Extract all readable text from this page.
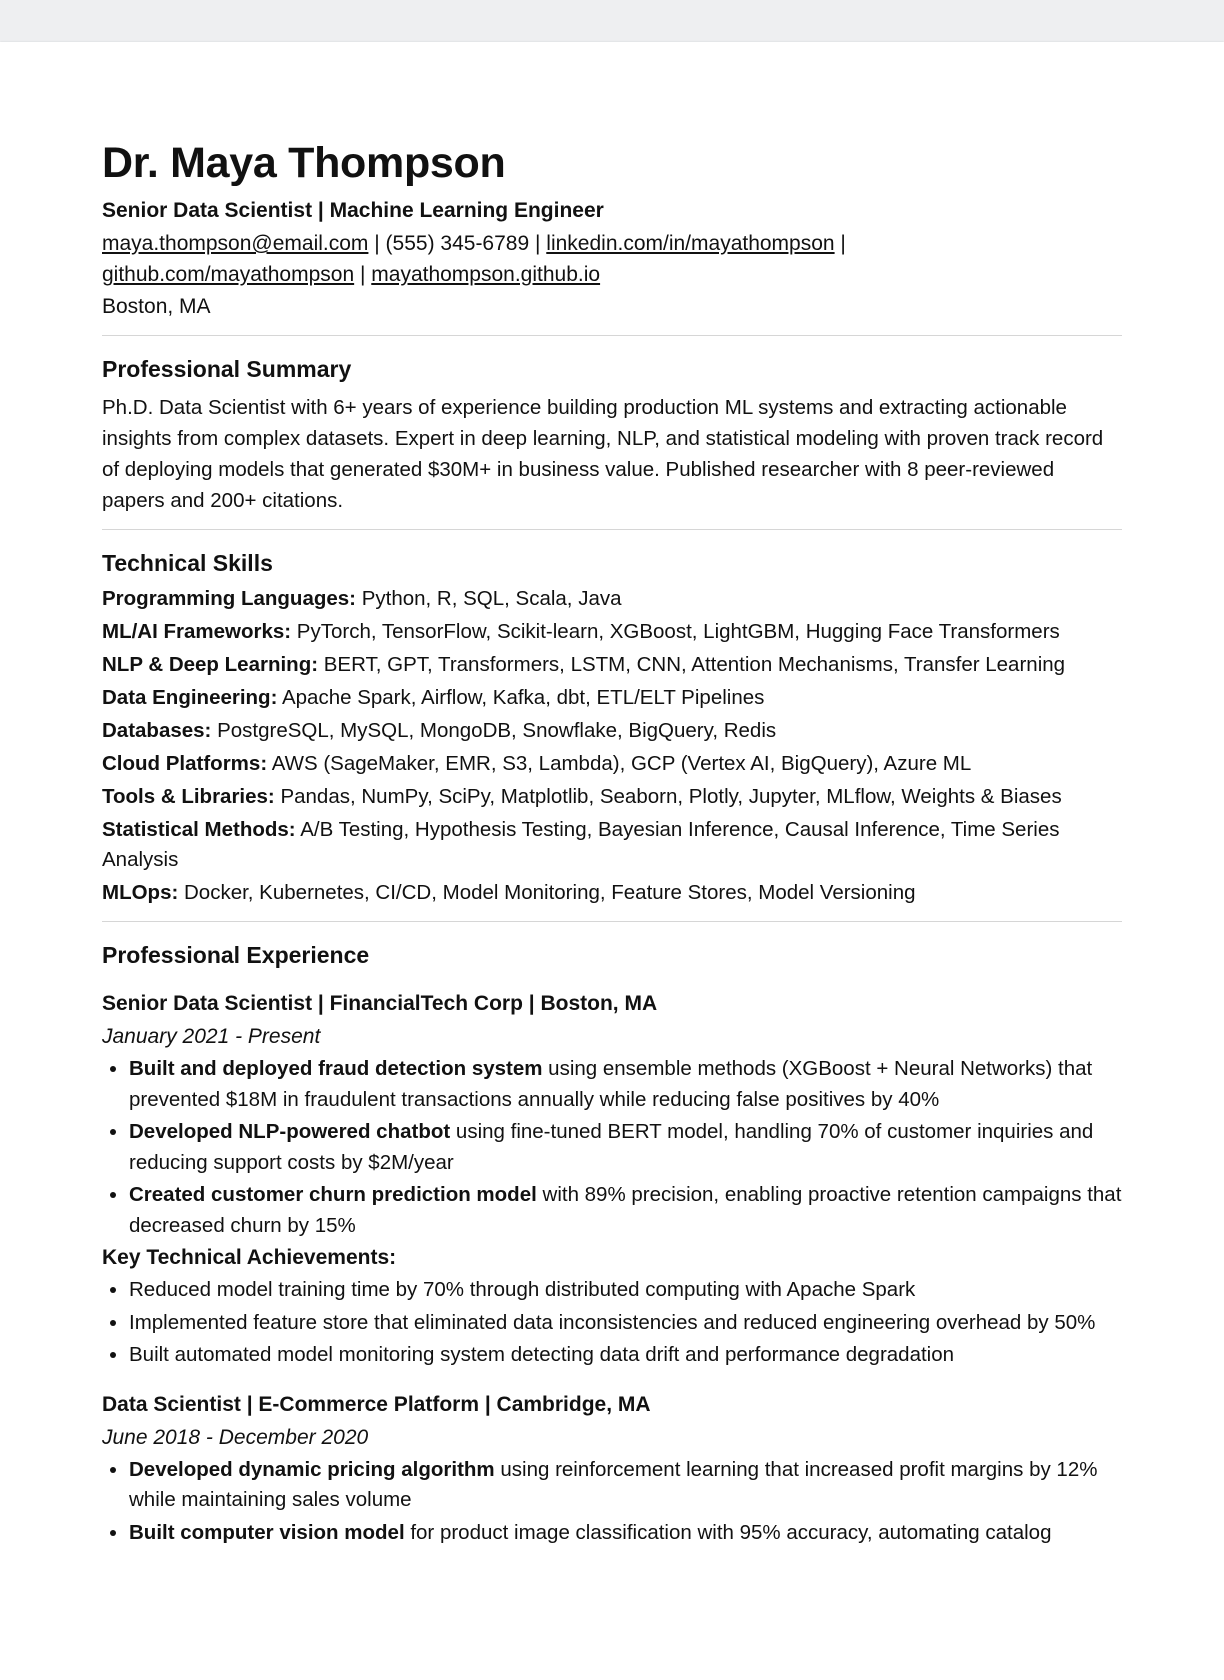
Dr. Maya Thompson
Senior Data Scientist | Machine Learning Engineer
maya.thompson@email.com | (555) 345-6789 | linkedin.com/in/mayathompson |
github.com/mayathompson | mayathompson.github.io
Boston, MA
Professional Summary
Ph.D. Data Scientist with 6+ years of experience building production ML systems and extracting actionable insights from complex datasets. Expert in deep learning, NLP, and statistical modeling with proven track record of deploying models that generated $30M+ in business value. Published researcher with 8 peer-reviewed papers and 200+ citations.
Technical Skills
Programming Languages: Python, R, SQL, Scala, Java
ML/AI Frameworks: PyTorch, TensorFlow, Scikit-learn, XGBoost, LightGBM, Hugging Face Transformers
NLP & Deep Learning: BERT, GPT, Transformers, LSTM, CNN, Attention Mechanisms, Transfer Learning
Data Engineering: Apache Spark, Airflow, Kafka, dbt, ETL/ELT Pipelines
Databases: PostgreSQL, MySQL, MongoDB, Snowflake, BigQuery, Redis
Cloud Platforms: AWS (SageMaker, EMR, S3, Lambda), GCP (Vertex AI, BigQuery), Azure ML
Tools & Libraries: Pandas, NumPy, SciPy, Matplotlib, Seaborn, Plotly, Jupyter, MLflow, Weights & Biases
Statistical Methods: A/B Testing, Hypothesis Testing, Bayesian Inference, Causal Inference, Time Series Analysis
MLOps: Docker, Kubernetes, CI/CD, Model Monitoring, Feature Stores, Model Versioning
Professional Experience
Senior Data Scientist | FinancialTech Corp | Boston, MA
January 2021 - Present
• Built and deployed fraud detection system using ensemble methods (XGBoost + Neural Networks) that prevented $18M in fraudulent transactions annually while reducing false positives by 40%
• Developed NLP-powered chatbot using fine-tuned BERT model, handling 70% of customer inquiries and reducing support costs by $2M/year
• Created customer churn prediction model with 89% precision, enabling proactive retention campaigns that decreased churn by 15%
Key Technical Achievements:
• Reduced model training time by 70% through distributed computing with Apache Spark
• Implemented feature store that eliminated data inconsistencies and reduced engineering overhead by 50%
• Built automated model monitoring system detecting data drift and performance degradation
Data Scientist | E-Commerce Platform | Cambridge, MA
June 2018 - December 2020
• Developed dynamic pricing algorithm using reinforcement learning that increased profit margins by 12% while maintaining sales volume
• Built computer vision model for product image classification with 95% accuracy, automating catalog
